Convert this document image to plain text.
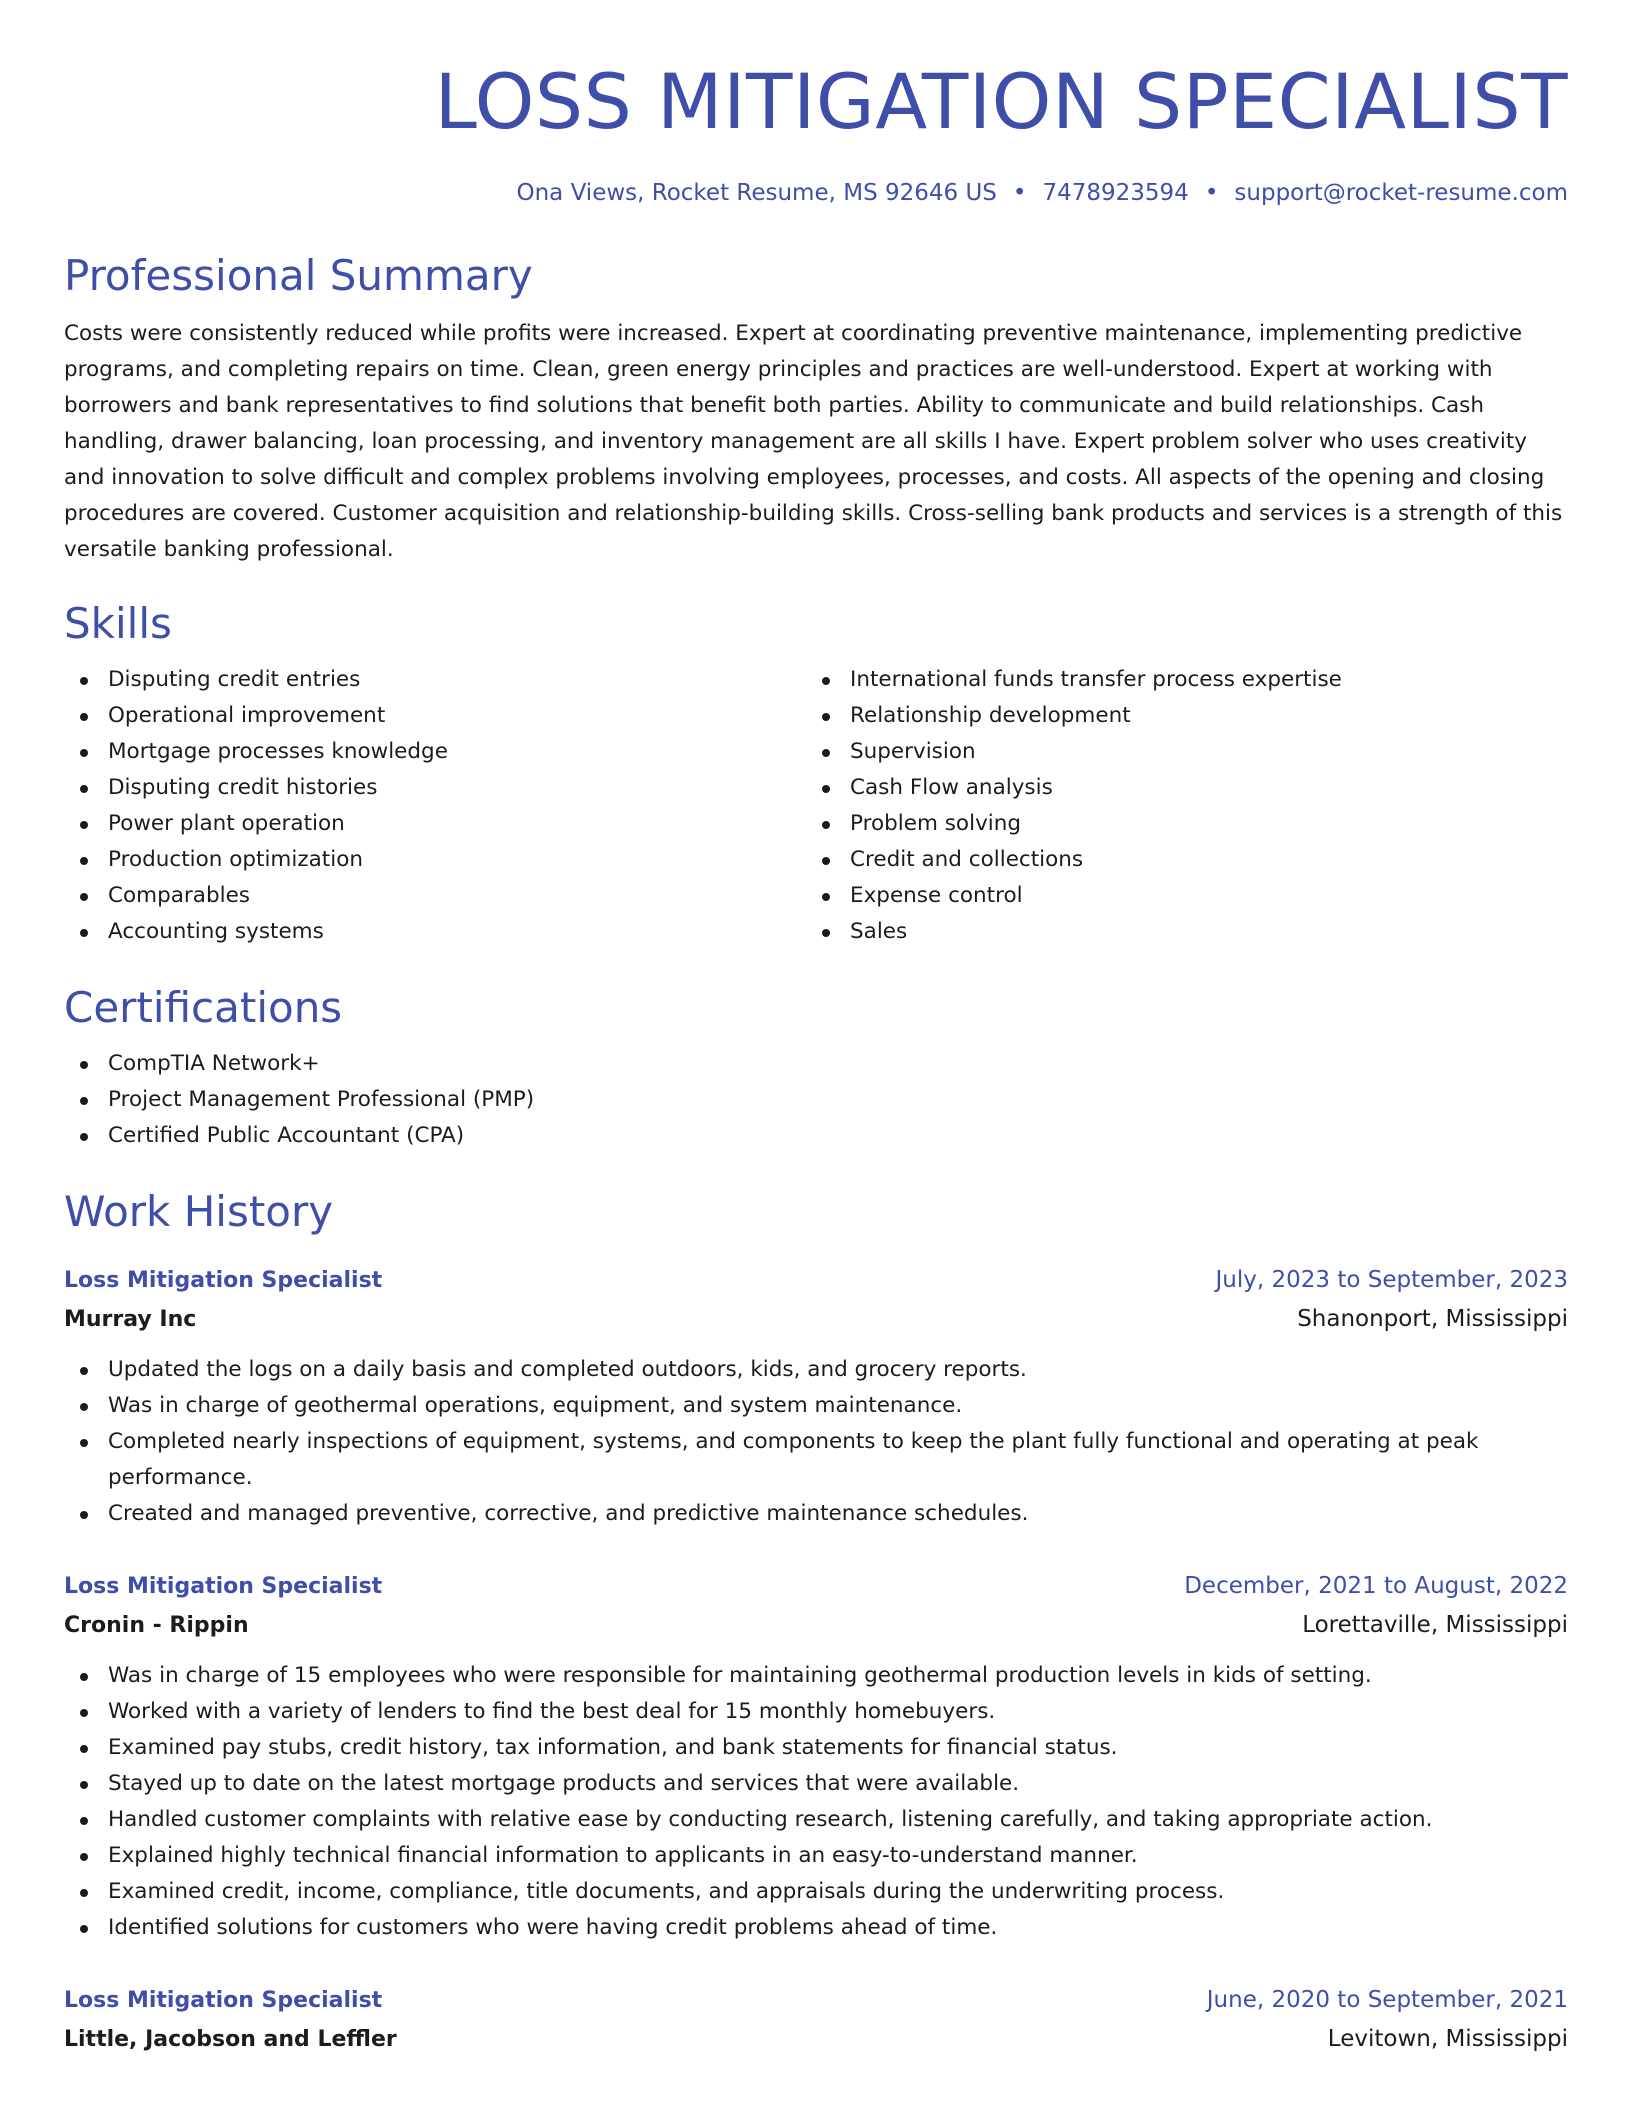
LOSS MITIGATION SPECIALIST
Ona Views, Rocket Resume, MS 92646 US • 7478923594 • support@rocket-resume.com
Professional Summary

Costs were consistently reduced while profits were increased. Expert at coordinating preventive maintenance, implementing predictive programs, and completing repairs on time. Clean, green energy principles and practices are well-understood. Expert at working with borrowers and bank representatives to find solutions that benefit both parties. Ability to communicate and build relationships. Cash handling, drawer balancing, loan processing, and inventory management are all skills I have. Expert problem solver who uses creativity and innovation to solve difficult and complex problems involving employees, processes, and costs. All aspects of the opening and closing procedures are covered. Customer acquisition and relationship-building skills. Cross-selling bank products and services is a strength of this versatile banking professional.

Skills
Disputing credit entries
Operational improvement
Mortgage processes knowledge
Disputing credit histories
Power plant operation
Production optimization
Comparables
Accounting systems
International funds transfer process expertise
Relationship development
Supervision
Cash Flow analysis
Problem solving
Credit and collections
Expense control
Sales
Certifications
CompTIA Network+
Project Management Professional (PMP)
Certified Public Accountant (CPA)
Work History
Loss Mitigation Specialist	July, 2023 to September, 2023
Murray Inc	Shanonport, Mississippi
Updated the logs on a daily basis and completed outdoors, kids, and grocery reports.
Was in charge of geothermal operations, equipment, and system maintenance.
Completed nearly inspections of equipment, systems, and components to keep the plant fully functional and operating at peak performance.
Created and managed preventive, corrective, and predictive maintenance schedules.
Loss Mitigation Specialist	December, 2021 to August, 2022
Cronin - Rippin	Lorettaville, Mississippi
Was in charge of 15 employees who were responsible for maintaining geothermal production levels in kids of setting.
Worked with a variety of lenders to find the best deal for 15 monthly homebuyers.
Examined pay stubs, credit history, tax information, and bank statements for financial status.
Stayed up to date on the latest mortgage products and services that were available.
Handled customer complaints with relative ease by conducting research, listening carefully, and taking appropriate action.
Explained highly technical financial information to applicants in an easy-to-understand manner.
Examined credit, income, compliance, title documents, and appraisals during the underwriting process.
Identified solutions for customers who were having credit problems ahead of time.
Loss Mitigation Specialist	June, 2020 to September, 2021
Little, Jacobson and Leffler	Levitown, Mississippi
